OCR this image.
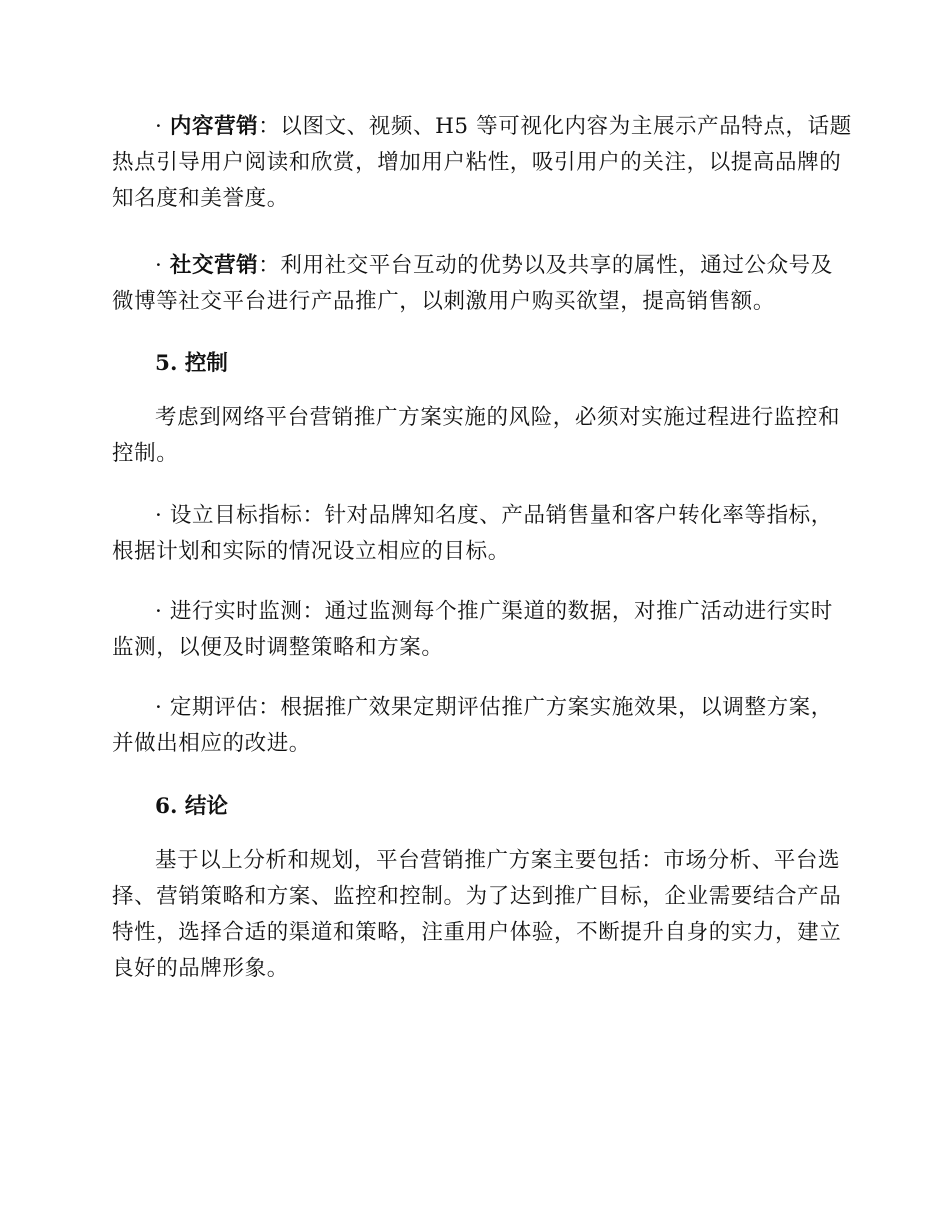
· 内容营销：以图文、视频、H5 等可视化内容为主展示产品特点，话题
热点引导用户阅读和欣赏，增加用户粘性，吸引用户的关注，以提高品牌的
知名度和美誉度。

· 社交营销：利用社交平台互动的优势以及共享的属性，通过公众号及
微博等社交平台进行产品推广，以刺激用户购买欲望，提高销售额。

5. 控制

考虑到网络平台营销推广方案实施的风险，必须对实施过程进行监控和
控制。

· 设立目标指标：针对品牌知名度、产品销售量和客户转化率等指标，
根据计划和实际的情况设立相应的目标。

· 进行实时监测：通过监测每个推广渠道的数据，对推广活动进行实时
监测，以便及时调整策略和方案。

· 定期评估：根据推广效果定期评估推广方案实施效果，以调整方案，
并做出相应的改进。

6. 结论

基于以上分析和规划，平台营销推广方案主要包括：市场分析、平台选
择、营销策略和方案、监控和控制。为了达到推广目标，企业需要结合产品
特性，选择合适的渠道和策略，注重用户体验，不断提升自身的实力，建立
良好的品牌形象。
